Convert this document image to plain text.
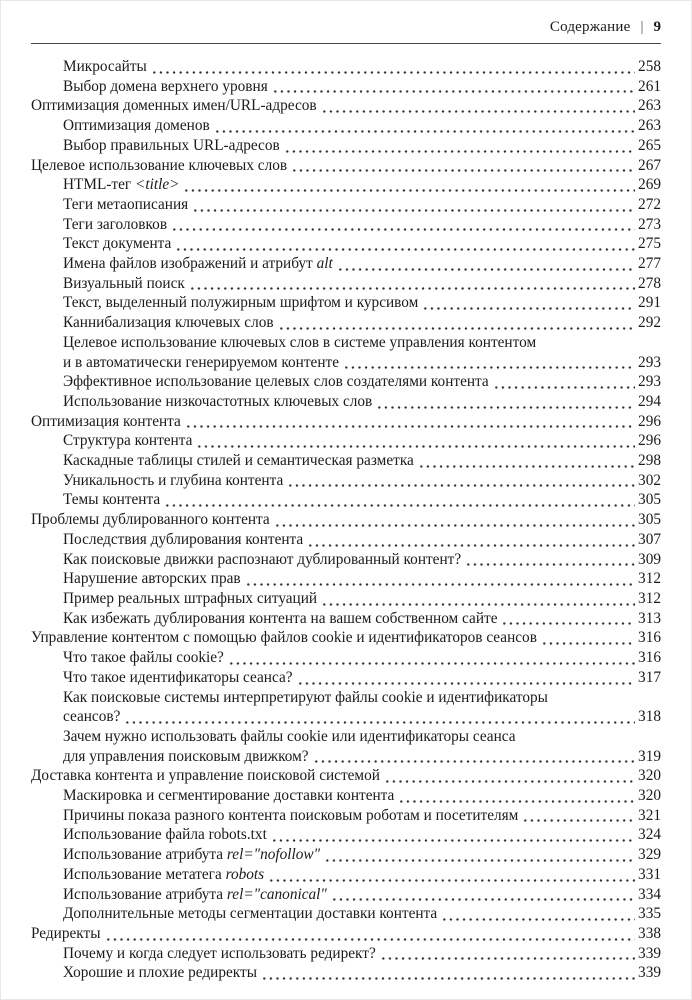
Содержание | 9
Микросайты	258
Выбор домена верхнего уровня	261
Оптимизация доменных имен/URL-адресов	263
Оптимизация доменов	263
Выбор правильных URL-адресов	265
Целевое использование ключевых слов	267
HTML-тег <title>	269
Теги метаописания	272
Теги заголовков	273
Текст документа	275
Имена файлов изображений и атрибут alt	277
Визуальный поиск	278
Текст, выделенный полужирным шрифтом и курсивом	291
Каннибализация ключевых слов	292
Целевое использование ключевых слов в системе управления контентом
и в автоматически генерируемом контенте	293
Эффективное использование целевых слов создателями контента	293
Использование низкочастотных ключевых слов	294
Оптимизация контента	296
Структура контента	296
Каскадные таблицы стилей и семантическая разметка	298
Уникальность и глубина контента	302
Темы контента	305
Проблемы дублированного контента	305
Последствия дублирования контента	307
Как поисковые движки распознают дублированный контент?	309
Нарушение авторских прав	312
Пример реальных штрафных ситуаций	312
Как избежать дублирования контента на вашем собственном сайте	313
Управление контентом с помощью файлов cookie и идентификаторов сеансов	316
Что такое файлы cookie?	316
Что такое идентификаторы сеанса?	317
Как поисковые системы интерпретируют файлы cookie и идентификаторы
сеансов?	318
Зачем нужно использовать файлы cookie или идентификаторы сеанса
для управления поисковым движком?	319
Доставка контента и управление поисковой системой	320
Маскировка и сегментирование доставки контента	320
Причины показа разного контента поисковым роботам и посетителям	321
Использование файла robots.txt	324
Использование атрибута rel="nofollow"	329
Использование метатега robots	331
Использование атрибута rel="canonical"	334
Дополнительные методы сегментации доставки контента	335
Редиректы	338
Почему и когда следует использовать редирект?	339
Хорошие и плохие редиректы	339
